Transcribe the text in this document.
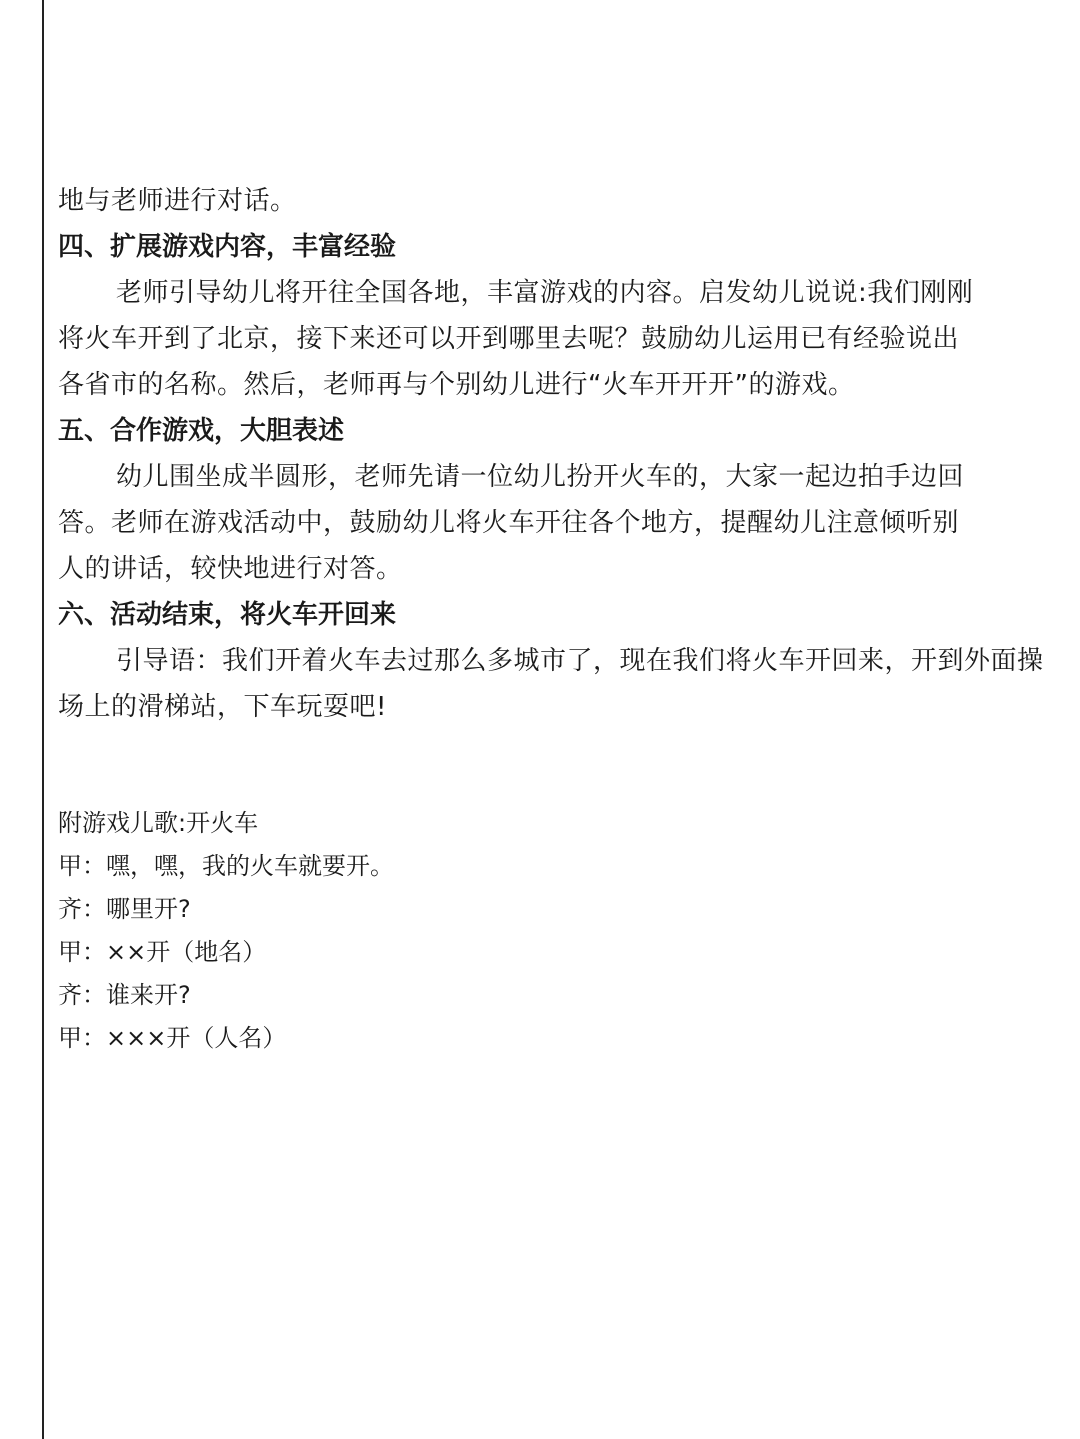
地与老师进行对话。
四、扩展游戏内容，丰富经验
老师引导幼儿将开往全国各地，丰富游戏的内容。启发幼儿说说:我们刚刚
将火车开到了北京，接下来还可以开到哪里去呢？鼓励幼儿运用已有经验说出
各省市的名称。然后，老师再与个别幼儿进行“火车开开开”的游戏。
五、合作游戏，大胆表述
幼儿围坐成半圆形，老师先请一位幼儿扮开火车的，大家一起边拍手边回
答。老师在游戏活动中，鼓励幼儿将火车开往各个地方，提醒幼儿注意倾听别
人的讲话，较快地进行对答。
六、活动结束，将火车开回来
引导语：我们开着火车去过那么多城市了，现在我们将火车开回来，开到外面操
场上的滑梯站，下车玩耍吧!
附游戏儿歌:开火车
甲：嘿，嘿，我的火车就要开。
齐：哪里开?
甲：××开（地名）
齐：谁来开?
甲：×××开（人名）
